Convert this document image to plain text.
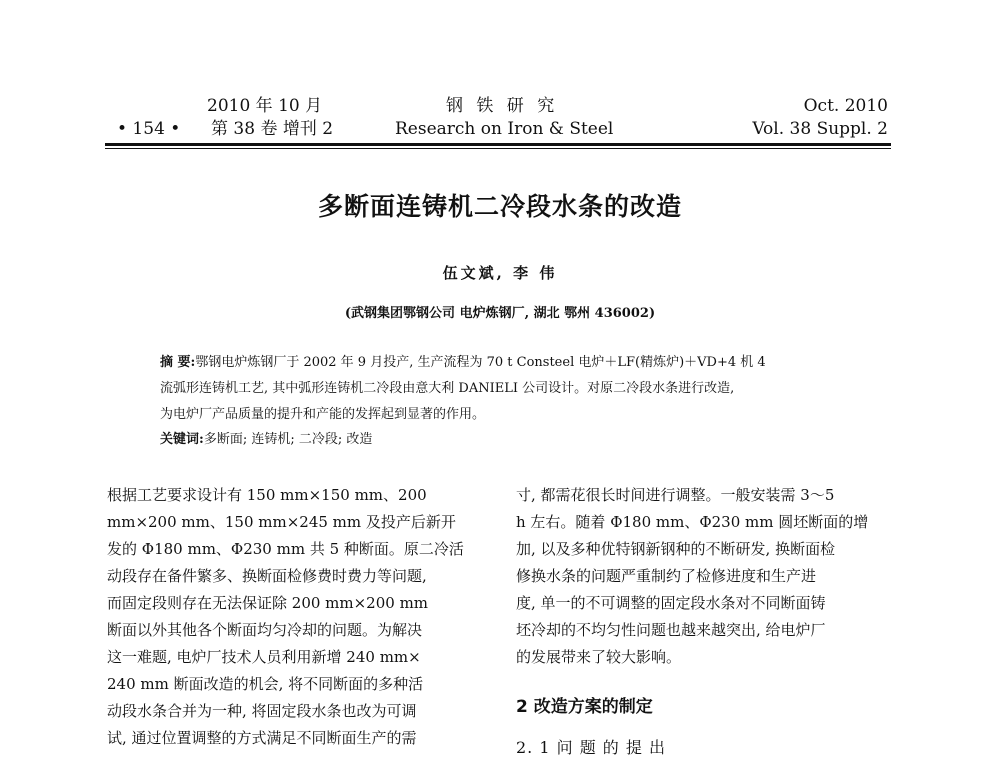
• 154 •
2010 年 10 月
第 38 卷 增刊 2
钢 铁 研 究
Research on Iron & Steel
Oct. 2010
Vol. 38 Suppl. 2
多断面连铸机二冷段水条的改造
伍文斌, 李 伟
(武钢集团鄂钢公司 电炉炼钢厂, 湖北 鄂州 436002)
摘 要:鄂钢电炉炼钢厂于 2002 年 9 月投产, 生产流程为 70 t Consteel 电炉＋LF(精炼炉)＋VD+4 机 4
流弧形连铸机工艺, 其中弧形连铸机二冷段由意大利 DANIELI 公司设计。对原二冷段水条进行改造,
为电炉厂产品质量的提升和产能的发挥起到显著的作用。
关键词:多断面; 连铸机; 二冷段; 改造
根据工艺要求设计有 150 mm×150 mm、200
mm×200 mm、150 mm×245 mm 及投产后新开
发的 Φ180 mm、Φ230 mm 共 5 种断面。原二冷活
动段存在备件繁多、换断面检修费时费力等问题,
而固定段则存在无法保证除 200 mm×200 mm
断面以外其他各个断面均匀冷却的问题。为解决
这一难题, 电炉厂技术人员利用新增 240 mm×
240 mm 断面改造的机会, 将不同断面的多种活
动段水条合并为一种, 将固定段水条也改为可调
试, 通过位置调整的方式满足不同断面生产的需
寸, 都需花很长时间进行调整。一般安装需 3～5
h 左右。随着 Φ180 mm、Φ230 mm 圆坯断面的增
加, 以及多种优特钢新钢种的不断研发, 换断面检
修换水条的问题严重制约了检修进度和生产进
度, 单一的不可调整的固定段水条对不同断面铸
坯冷却的不均匀性问题也越来越突出, 给电炉厂
的发展带来了较大影响。
2 改造方案的制定
2. 1 问 题 的 提 出
